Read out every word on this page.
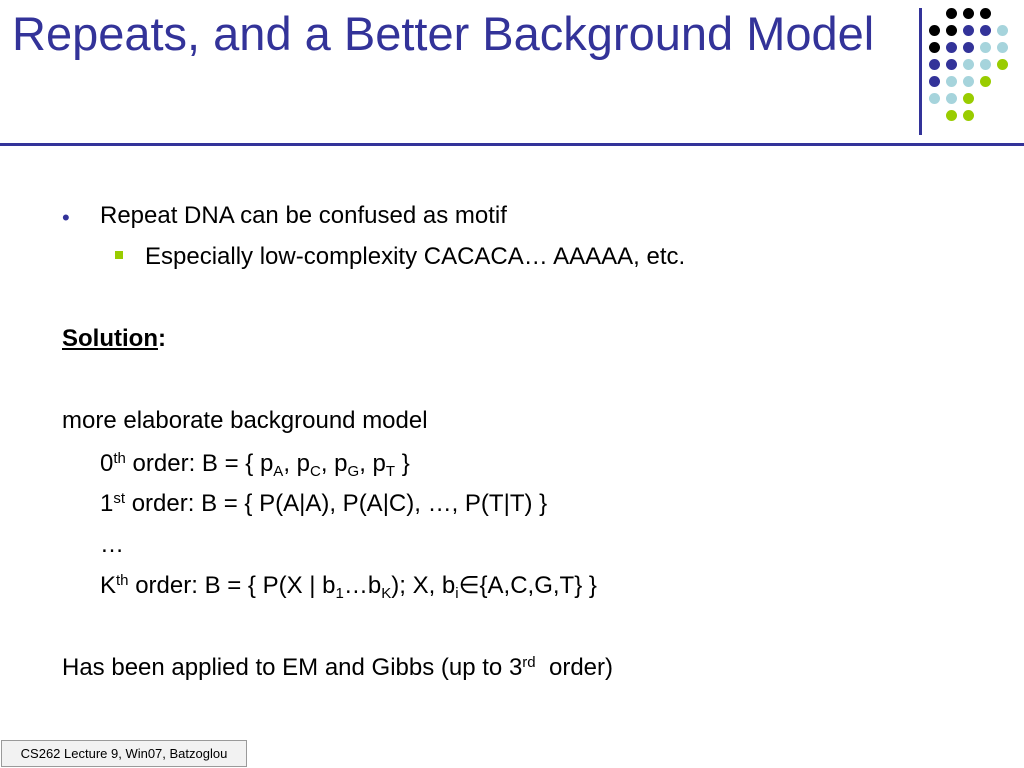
Repeats, and a Better Background Model
• Repeat DNA can be confused as motif
Especially low-complexity CACACA… AAAAA, etc.
Solution:
more elaborate background model
0th order: B = { $p_A$, $p_C$, $p_G$, $p_T$ }
1st order: B = { P(A|A), P(A|C), …, P(T|T) }
…
$K^{th}$ order: B = { P(X | $b_1\dots b_K$); X, $b_i\in\{A,C,G,T\}$ }
Has been applied to EM and Gibbs (up to 3rd  order)
CS262 Lecture 9, Win07, Batzoglou
